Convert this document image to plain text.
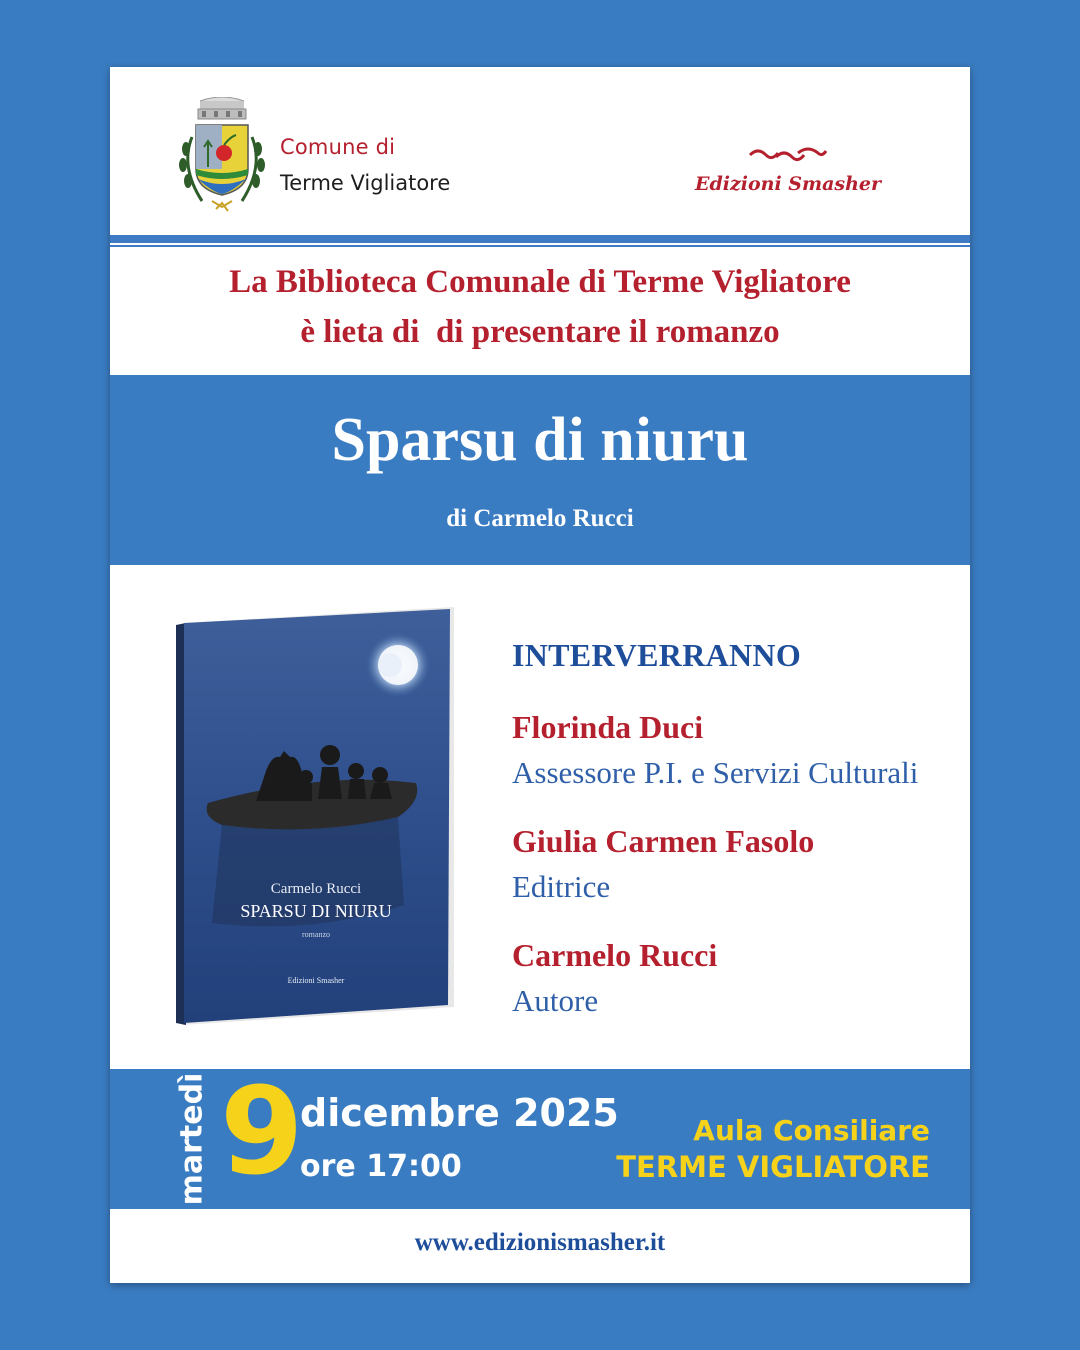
Comune di
Terme Vigliatore	Edizioni Smasher
La Biblioteca Comunale di Terme Vigliatore
è lieta di  di presentare il romanzo
Sparsu di niuru
di Carmelo Rucci
Carmelo Rucci
SPARSU DI NIURU
romanzo
Edizioni Smasher
INTERVERRANNO
Florinda Duci
Assessore P.I. e Servizi Culturali
Giulia Carmen Fasolo
Editrice
Carmelo Rucci
Autore
martedì 9
dicembre 2025
ore 17:00
Aula Consiliare
TERME VIGLIATORE
www.edizionismasher.it
